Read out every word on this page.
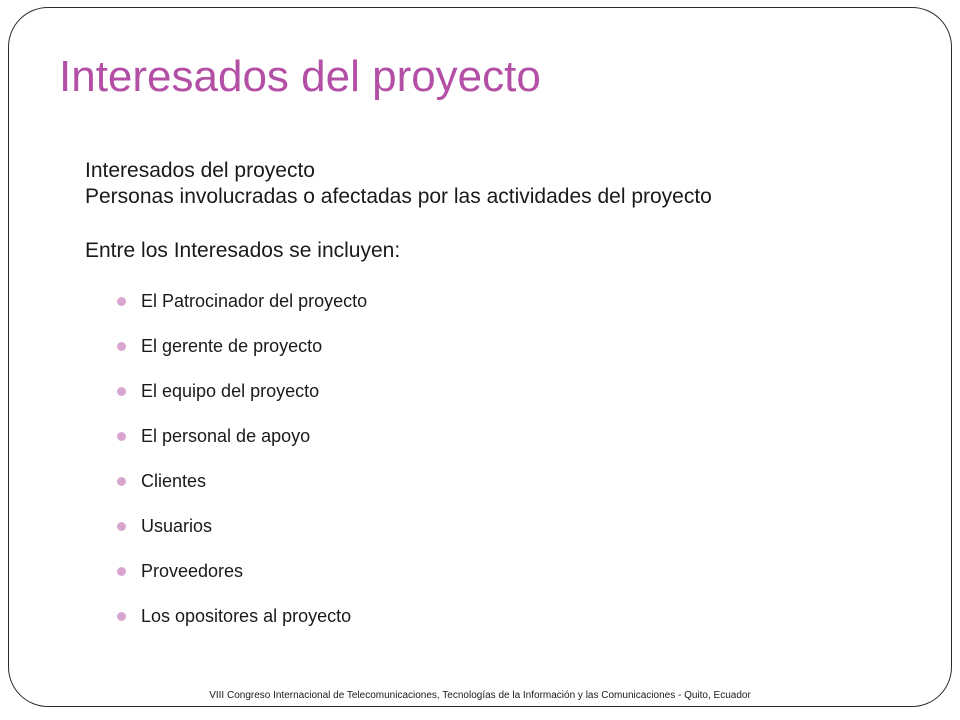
Interesados del proyecto
Interesados del proyecto
Personas involucradas o afectadas por las actividades del proyecto
Entre los Interesados se incluyen:
El Patrocinador del proyecto
El gerente de proyecto
El equipo del proyecto
El personal de apoyo
Clientes
Usuarios
Proveedores
Los opositores al proyecto
VIII Congreso Internacional de Telecomunicaciones, Tecnologías de la Información y las Comunicaciones - Quito, Ecuador
